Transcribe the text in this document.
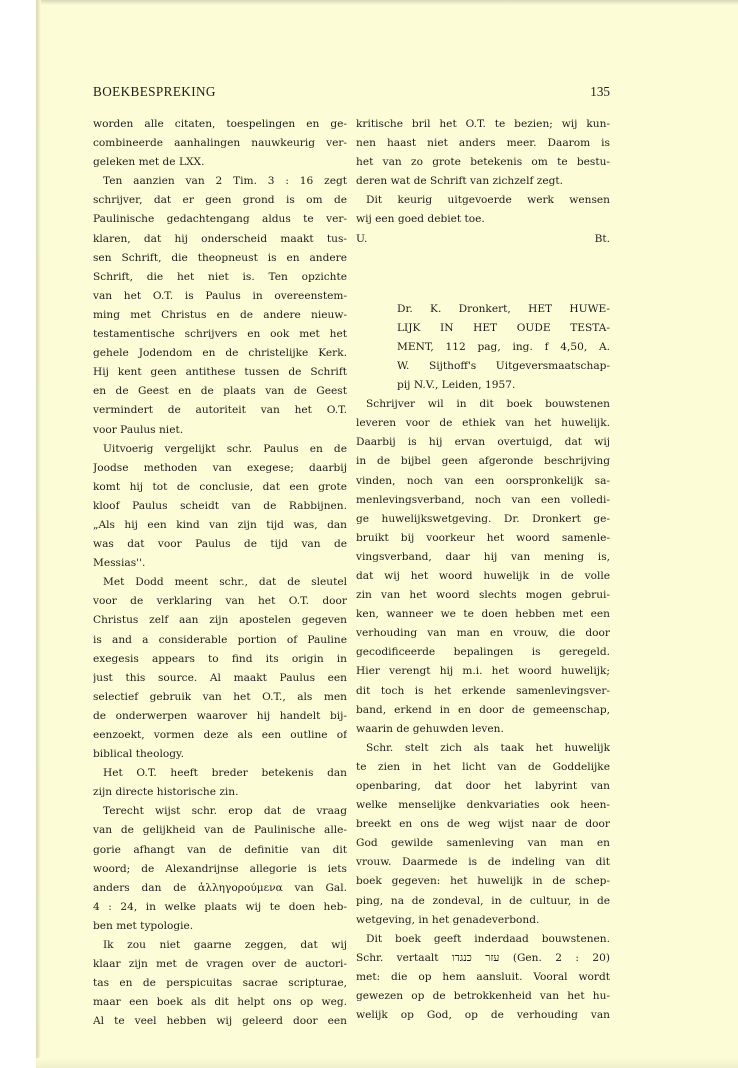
BOEKBESPREKING	135
worden alle citaten, toespelingen en ge-
combineerde aanhalingen nauwkeurig ver-
geleken met de LXX.
Ten aanzien van 2 Tim. 3 : 16 zegt
schrijver, dat er geen grond is om de
Paulinische gedachtengang aldus te ver-
klaren, dat hij onderscheid maakt tus-
sen Schrift, die theopneust is en andere
Schrift, die het niet is. Ten opzichte
van het O.T. is Paulus in overeenstem-
ming met Christus en de andere nieuw-
testamentische schrijvers en ook met het
gehele Jodendom en de christelijke Kerk.
Hij kent geen antithese tussen de Schrift
en de Geest en de plaats van de Geest
vermindert de autoriteit van het O.T.
voor Paulus niet.
Uitvoerig vergelijkt schr. Paulus en de
Joodse methoden van exegese; daarbij
komt hij tot de conclusie, dat een grote
kloof Paulus scheidt van de Rabbijnen.
„Als hij een kind van zijn tijd was, dan
was dat voor Paulus de tijd van de
Messias''.
Met Dodd meent schr., dat de sleutel
voor de verklaring van het O.T. door
Christus zelf aan zijn apostelen gegeven
is and a considerable portion of Pauline
exegesis appears to find its origin in
just this source. Al maakt Paulus een
selectief gebruik van het O.T., als men
de onderwerpen waarover hij handelt bij-
eenzoekt, vormen deze als een outline of
biblical theology.
Het O.T. heeft breder betekenis dan
zijn directe historische zin.
Terecht wijst schr. erop dat de vraag
van de gelijkheid van de Paulinische alle-
gorie afhangt van de definitie van dit
woord; de Alexandrijnse allegorie is iets
anders dan de ἀλληγορούμενα van Gal.
4 : 24, in welke plaats wij te doen heb-
ben met typologie.
Ik zou niet gaarne zeggen, dat wij
klaar zijn met de vragen over de auctori-
tas en de perspicuitas sacrae scripturae,
maar een boek als dit helpt ons op weg.
Al te veel hebben wij geleerd door een
kritische bril het O.T. te bezien; wij kun-
nen haast niet anders meer. Daarom is
het van zo grote betekenis om te bestu-
deren wat de Schrift van zichzelf zegt.
Dit keurig uitgevoerde werk wensen
wij een goed debiet toe.
U.	Bt.
Dr. K. Dronkert, HET HUWE-
LIJK IN HET OUDE TESTA-
MENT, 112 pag, ing. f 4,50, A.
W. Sijthoff's Uitgeversmaatschap-
pij N.V., Leiden, 1957.
Schrijver wil in dit boek bouwstenen
leveren voor de ethiek van het huwelijk.
Daarbij is hij ervan overtuigd, dat wij
in de bijbel geen afgeronde beschrijving
vinden, noch van een oorspronkelijk sa-
menlevingsverband, noch van een volledi-
ge huwelijkswetgeving. Dr. Dronkert ge-
bruikt bij voorkeur het woord samenle-
vingsverband, daar hij van mening is,
dat wij het woord huwelijk in de volle
zin van het woord slechts mogen gebrui-
ken, wanneer we te doen hebben met een
verhouding van man en vrouw, die door
gecodificeerde bepalingen is geregeld.
Hier verengt hij m.i. het woord huwelijk;
dit toch is het erkende samenlevingsver-
band, erkend in en door de gemeenschap,
waarin de gehuwden leven.
Schr. stelt zich als taak het huwelijk
te zien in het licht van de Goddelijke
openbaring, dat door het labyrint van
welke menselijke denkvariaties ook heen-
breekt en ons de weg wijst naar de door
God gewilde samenleving van man en
vrouw. Daarmede is de indeling van dit
boek gegeven: het huwelijk in de schep-
ping, na de zondeval, in de cultuur, in de
wetgeving, in het genadeverbond.
Dit boek geeft inderdaad bouwstenen.
Schr. vertaalt עזר כנגדו (Gen. 2 : 20)
met: die op hem aansluit. Vooral wordt
gewezen op de betrokkenheid van het hu-
welijk op God, op de verhouding van
